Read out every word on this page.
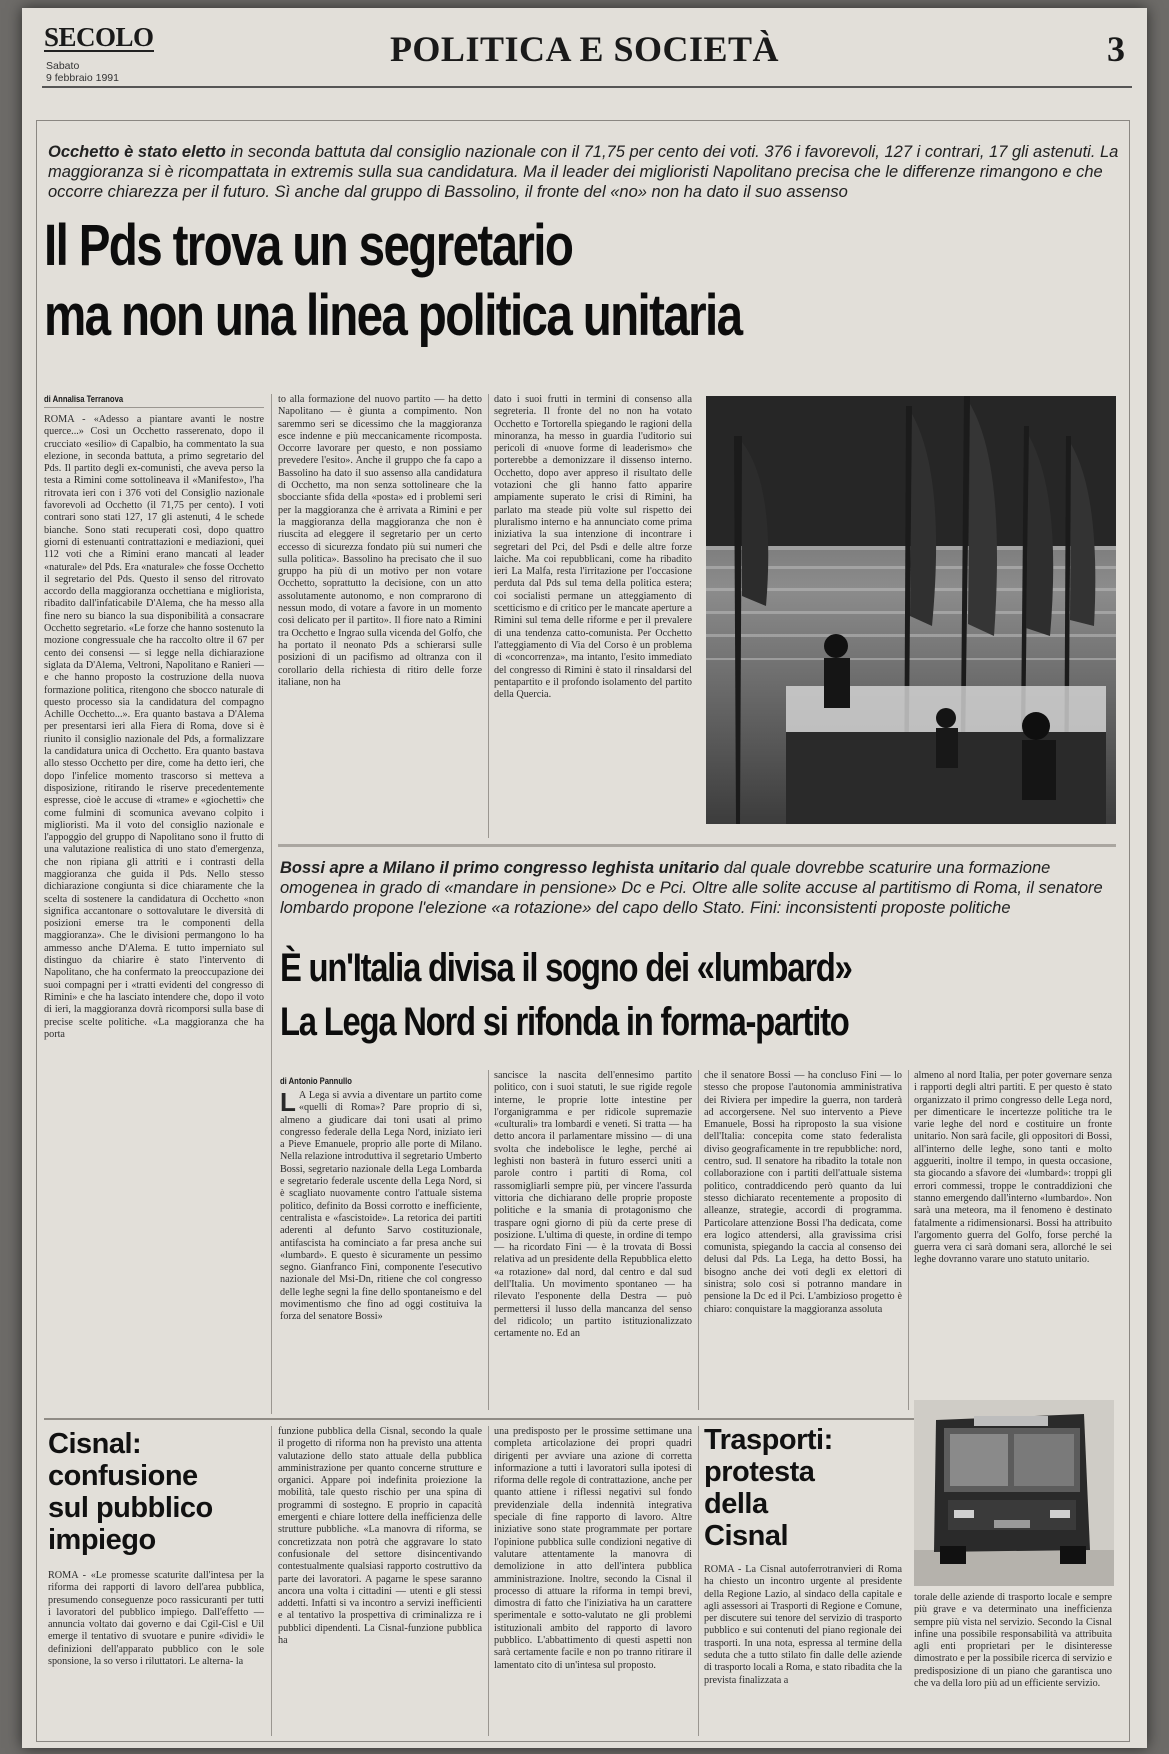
SECOLO
Sabato
9 febbraio 1991
POLITICA E SOCIETÀ	3
Occhetto è stato eletto in seconda battuta dal consiglio nazionale con il 71,75 per cento dei voti. 376 i favorevoli, 127 i contrari, 17 gli astenuti. La maggioranza si è ricompattata in extremis sulla sua candidatura. Ma il leader dei miglioristi Napolitano precisa che le differenze rimangono e che occorre chiarezza per il futuro. Sì anche dal gruppo di Bassolino, il fronte del «no» non ha dato il suo assenso
Il Pds trova un segretario
ma non una linea politica unitaria
di Annalisa Terranova

ROMA - «Adesso a piantare avanti le nostre querce...» Così un Occhetto rasserenato, dopo il crucciato «esilio» di Capalbio, ha commentato la sua elezione, in seconda battuta, a primo segretario del Pds. Il partito degli ex-comunisti, che aveva perso la testa a Rimini come sottolineava il «Manifesto», l'ha ritrovata ieri con i 376 voti del Consiglio nazionale favorevoli ad Occhetto (il 71,75 per cento). I voti contrari sono stati 127, 17 gli astenuti, 4 le schede bianche. Sono stati recuperati così, dopo quattro giorni di estenuanti contrattazioni e mediazioni, quei 112 voti che a Rimini erano mancati al leader «naturale» del Pds. Era «naturale» che fosse Occhetto il segretario del Pds. Questo il senso del ritrovato accordo della maggioranza occhettiana e migliorista, ribadito dall'infaticabile D'Alema, che ha messo alla fine nero su bianco la sua disponibilità a consacrare Occhetto segretario. «Le forze che hanno sostenuto la mozione congressuale che ha raccolto oltre il 67 per cento dei consensi — si legge nella dichiarazione siglata da D'Alema, Veltroni, Napolitano e Ranieri — e che hanno proposto la costruzione della nuova formazione politica, ritengono che sbocco naturale di questo processo sia la candidatura del compagno Achille Occhetto...». Era quanto bastava a D'Alema per presentarsi ieri alla Fiera di Roma, dove si è riunito il consiglio nazionale del Pds, a formalizzare la candidatura unica di Occhetto. Era quanto bastava allo stesso Occhetto per dire, come ha detto ieri, che dopo l'infelice momento trascorso si metteva a disposizione, ritirando le riserve precedentemente espresse, cioè le accuse di «trame» e «giochetti» che come fulmini di scomunica avevano colpito i miglioristi. Ma il voto del consiglio nazionale e l'appoggio del gruppo di Napolitano sono il frutto di una valutazione realistica di uno stato d'emergenza, che non ripiana gli attriti e i contrasti della maggioranza che guida il Pds. Nello stesso dichiarazione congiunta si dice chiaramente che la scelta di sostenere la candidatura di Occhetto «non significa accantonare o sottovalutare le diversità di posizioni emerse tra le componenti della maggioranza». Che le divisioni permangono lo ha ammesso anche D'Alema. E tutto imperniato sul distinguo da chiarire è stato l'intervento di Napolitano, che ha confermato la preoccupazione dei suoi compagni per i «tratti evidenti del congresso di Rimini» e che ha lasciato intendere che, dopo il voto di ieri, la maggioranza dovrà ricomporsi sulla base di precise scelte politiche. «La maggioranza che ha porta

to alla formazione del nuovo partito — ha detto Napolitano — è giunta a compimento. Non saremmo seri se dicessimo che la maggioranza esce indenne e più meccanicamente ricomposta. Occorre lavorare per questo, e non possiamo prevedere l'esito». Anche il gruppo che fa capo a Bassolino ha dato il suo assenso alla candidatura di Occhetto, ma non senza sottolineare che la sbocciante sfida della «posta» ed i problemi seri per la maggioranza che è arrivata a Rimini e per la maggioranza della maggioranza che non è riuscita ad eleggere il segretario per un certo eccesso di sicurezza fondato più sui numeri che sulla politica». Bassolino ha precisato che il suo gruppo ha più di un motivo per non votare Occhetto, soprattutto la decisione, con un atto assolutamente autonomo, e non comprarono di nessun modo, di votare a favore in un momento così delicato per il partito». Il fiore nato a Rimini tra Occhetto e Ingrao sulla vicenda del Golfo, che ha portato il neonato Pds a schierarsi sulle posizioni di un pacifismo ad oltranza con il corollario della richiesta di ritiro delle forze italiane, non ha

dato i suoi frutti in termini di consenso alla segreteria. Il fronte del no non ha votato Occhetto e Tortorella spiegando le ragioni della minoranza, ha messo in guardia l'uditorio sui pericoli di «nuove forme di leaderismo» che porterebbe a demonizzare il dissenso interno. Occhetto, dopo aver appreso il risultato delle votazioni che gli hanno fatto apparire ampiamente superato le crisi di Rimini, ha parlato ma steade più volte sul rispetto dei pluralismo interno e ha annunciato come prima iniziativa la sua intenzione di incontrare i segretari del Pci, del Psdi e delle altre forze laiche. Ma coi repubblicani, come ha ribadito ieri La Malfa, resta l'irritazione per l'occasione perduta dal Pds sul tema della politica estera; coi socialisti permane un atteggiamento di scetticismo e di critico per le mancate aperture a Rimini sul tema delle riforme e per il prevalere di una tendenza catto-comunista. Per Occhetto l'atteggiamento di Via del Corso è un problema di «concorrenza», ma intanto, l'esito immediato del congresso di Rimini è stato il rinsaldarsi del pentapartito e il profondo isolamento del partito della Quercia.

Bossi apre a Milano il primo congresso leghista unitario dal quale dovrebbe scaturire una formazione omogenea in grado di «mandare in pensione» Dc e Pci. Oltre alle solite accuse al partitismo di Roma, il senatore lombardo propone l'elezione «a rotazione» del capo dello Stato. Fini: inconsistenti proposte politiche
È un'Italia divisa il sogno dei «lumbard»
La Lega Nord si rifonda in forma-partito
di Antonio Pannullo
L A Lega si avvia a diventare un partito come «quelli di Roma»? Pare proprio di sì, almeno a giudicare dai toni usati al primo congresso federale della Lega Nord, iniziato ieri a Pieve Emanuele, proprio alle porte di Milano. Nella relazione introduttiva il segretario Umberto Bossi, segretario nazionale della Lega Lombarda e segretario federale uscente della Lega Nord, si è scagliato nuovamente contro l'attuale sistema politico, definito da Bossi corrotto e inefficiente, centralista e «fascistoide». La retorica dei partiti aderenti al defunto Sarvo costituzionale, antifascista ha cominciato a far presa anche sui «lumbard». E questo è sicuramente un pessimo segno. Gianfranco Fini, componente l'esecutivo nazionale del Msi-Dn, ritiene che col congresso delle leghe segni la fine dello spontaneismo e del movimentismo che fino ad oggi costituiva la forza del senatore Bossi»

sancisce la nascita dell'ennesimo partito politico, con i suoi statuti, le sue rigide regole interne, le proprie lotte intestine per l'organigramma e per ridicole supremazie «culturali» tra lombardi e veneti. Si tratta — ha detto ancora il parlamentare missino — di una svolta che indebolisce le leghe, perché ai leghisti non basterà in futuro esserci uniti a parole contro i partiti di Roma, col rassomigliarli sempre più, per vincere l'assurda vittoria che dichiarano delle proprie proposte politiche e la smania di protagonismo che traspare ogni giorno di più da certe prese di posizione. L'ultima di queste, in ordine di tempo — ha ricordato Fini — è la trovata di Bossi relativa ad un presidente della Repubblica eletto «a rotazione» dal nord, dal centro e dal sud dell'Italia. Un movimento spontaneo — ha rilevato l'esponente della Destra — può permettersi il lusso della mancanza del senso del ridicolo; un partito istituzionalizzato certamente no. Ed an

che il senatore Bossi — ha concluso Fini — lo stesso che propose l'autonomia amministrativa dei Riviera per impedire la guerra, non tarderà ad accorgersene. Nel suo intervento a Pieve Emanuele, Bossi ha riproposto la sua visione dell'Italia: concepita come stato federalista diviso geograficamente in tre repubbliche: nord, centro, sud. Il senatore ha ribadito la totale non collaborazione con i partiti dell'attuale sistema politico, contraddicendo però quanto da lui stesso dichiarato recentemente a proposito di alleanze, strategie, accordi di programma. Particolare attenzione Bossi l'ha dedicata, come era logico attendersi, alla gravissima crisi comunista, spiegando la caccia al consenso dei delusi dal Pds. La Lega, ha detto Bossi, ha bisogno anche dei voti degli ex elettori di sinistra; solo così si potranno mandare in pensione la Dc ed il Pci. L'ambizioso progetto è chiaro: conquistare la maggioranza assoluta

almeno al nord Italia, per poter governare senza i rapporti degli altri partiti. E per questo è stato organizzato il primo congresso delle Lega nord, per dimenticare le incertezze politiche tra le varie leghe del nord e costituire un fronte unitario. Non sarà facile, gli oppositori di Bossi, all'interno delle leghe, sono tanti e molto aggueriti, inoltre il tempo, in questa occasione, sta giocando a sfavore dei «lumbard»: troppi gli errori commessi, troppe le contraddizioni che stanno emergendo dall'interno «lumbardo». Non sarà una meteora, ma il fenomeno è destinato fatalmente a ridimensionarsi. Bossi ha attribuito l'argomento guerra del Golfo, forse perché la guerra vera ci sarà domani sera, allorché le sei leghe dovranno varare uno statuto unitario.

Cisnal:
confusione
sul pubblico
impiego

ROMA - «Le promesse scaturite dall'intesa per la riforma dei rapporti di lavoro dell'area pubblica, presumendo conseguenze poco rassicuranti per tutti i lavoratori del pubblico impiego. Dall'effetto — annuncia voltato dai governo e dai Cgil-Cisl e Uil emerge il tentativo di svuotare e punire «dividi» le definizioni dell'apparato pubblico con le sole sponsione, la so verso i riluttatori. Le alterna- la

funzione pubblica della Cisnal, secondo la quale il progetto di riforma non ha previsto una attenta valutazione dello stato attuale della pubblica amministrazione per quanto concerne strutture e organici. Appare poi indefinita proiezione la mobilità, tale questo rischio per una spina di programmi di sostegno. E proprio in capacità emergenti e chiare lottere della inefficienza delle strutture pubbliche. «La manovra di riforma, se concretizzata non potrà che aggravare lo stato confusionale del settore disincentivando contestualmente qualsiasi rapporto costruttivo da parte dei lavoratori. A pagarne le spese saranno ancora una volta i cittadini — utenti e gli stessi addetti. Infatti si va incontro a servizi inefficienti e al tentativo la prospettiva di criminalizza re i pubblici dipendenti. La Cisnal-funzione pubblica ha

una predisposto per le prossime settimane una completa articolazione dei propri quadri dirigenti per avviare una azione di corretta informazione a tutti i lavoratori sulla ipotesi di riforma delle regole di contrattazione, anche per quanto attiene i riflessi negativi sul fondo previdenziale della indennità integrativa speciale di fine rapporto di lavoro. Altre iniziative sono state programmate per portare l'opinione pubblica sulle condizioni negative di valutare attentamente la manovra di demolizione in atto dell'intera pubblica amministrazione. Inoltre, secondo la Cisnal il processo di attuare la riforma in tempi brevi, dimostra di fatto che l'iniziativa ha un carattere sperimentale e sotto-valutato ne gli problemi istituzionali ambito del rapporto di lavoro pubblico. L'abbattimento di questi aspetti non sarà certamente facile e non po tranno ritirare il lamentato cito di un'intesa sul proposto.

Trasporti:
protesta
della
Cisnal

ROMA - La Cisnal autoferrotranvieri di Roma ha chiesto un incontro urgente al presidente della Regione Lazio, al sindaco della capitale e agli assessori ai Trasporti di Regione e Comune, per discutere sui tenore del servizio di trasporto pubblico e sui contenuti del piano regionale dei trasporti. In una nota, espressa al termine della seduta che a tutto stilato fin dalle delle aziende di trasporto locali a Roma, e stato ribadita che la prevista finalizzata a

torale delle aziende di trasporto locale e sempre più grave e va determinato una inefficienza sempre più vista nel servizio. Secondo la Cisnal infine una possibile responsabilità va attribuita agli enti proprietari per le disinteresse dimostrato e per la possibile ricerca di servizio e predisposizione di un piano che garantisca uno che va della loro più ad un efficiente servizio.
